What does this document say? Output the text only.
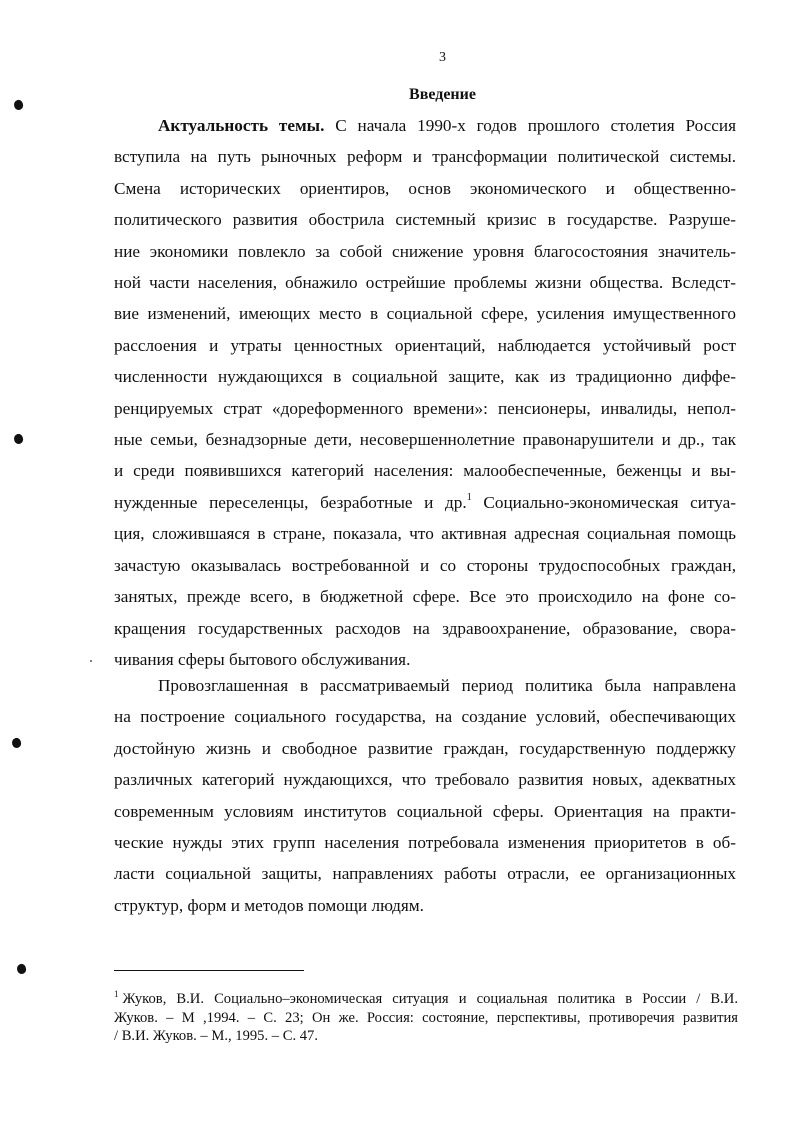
3
Введение
Актуальность темы. С начала 1990-х годов прошлого столетия Россия
вступила на путь рыночных реформ и трансформации политической системы.
Смена исторических ориентиров, основ экономического и общественно-
политического развития обострила системный кризис в государстве. Разруше-
ние экономики повлекло за собой снижение уровня благосостояния значитель-
ной части населения, обнажило острейшие проблемы жизни общества. Вследст-
вие изменений, имеющих место в социальной сфере, усиления имущественного
расслоения и утраты ценностных ориентаций, наблюдается устойчивый рост
численности нуждающихся в социальной защите, как из традиционно диффе-
ренцируемых страт «дореформенного времени»: пенсионеры, инвалиды, непол-
ные семьи, безнадзорные дети, несовершеннолетние правонарушители и др., так
и среди появившихся категорий населения: малообеспеченные, беженцы и вы-
нужденные переселенцы, безработные и др.$^1$ Социально-экономическая ситуа-
ция, сложившаяся в стране, показала, что активная адресная социальная помощь
зачастую оказывалась востребованной и со стороны трудоспособных граждан,
занятых, прежде всего, в бюджетной сфере. Все это происходило на фоне со-
кращения государственных расходов на здравоохранение, образование, свора-
чивания сферы бытового обслуживания.
Провозглашенная в рассматриваемый период политика была направлена
на построение социального государства, на создание условий, обеспечивающих
достойную жизнь и свободное развитие граждан, государственную поддержку
различных категорий нуждающихся, что требовало развития новых, адекватных
современным условиям институтов социальной сферы. Ориентация на практи-
ческие нужды этих групп населения потребовала изменения приоритетов в об-
ласти социальной защиты, направлениях работы отрасли, ее организационных
структур, форм и методов помощи людям.
$^1$ Жуков, В.И. Социально–экономическая ситуация и социальная политика в России / В.И.
Жуков. – М ,1994. – С. 23; Он же. Россия: состояние, перспективы, противоречия развития
/ В.И. Жуков. – М., 1995. – С. 47.
